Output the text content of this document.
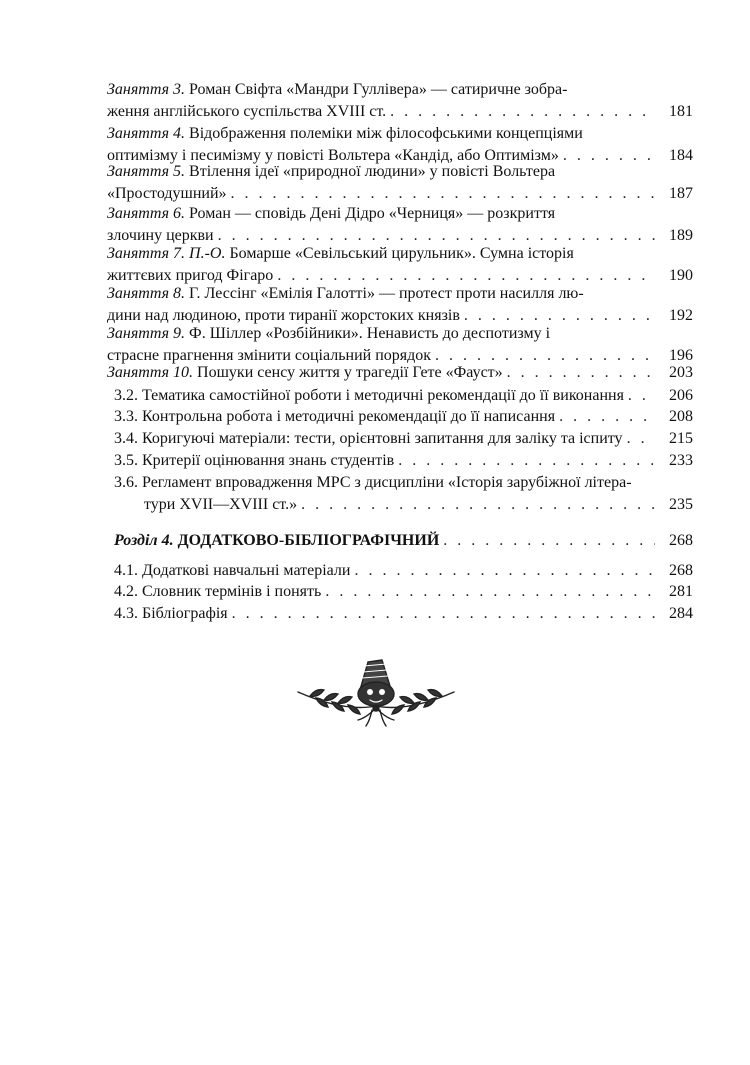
Заняття 3. Роман Свіфта «Мандри Гуллівера» — сатиричне зобра-
ження англійського суспільства XVIII ст. . . .	181
Заняття 4. Відображення полеміки між філософськими концепціями
оптимізму і песимізму у повісті Вольтера «Кандід, або Оптимізм» . . .	184
Заняття 5. Втілення ідеї «природної людини» у повісті Вольтера
«Простодушний» . . .	187
Заняття 6. Роман — сповідь Дені Дідро «Черниця» — розкриття
злочину церкви . . .	189
Заняття 7. П.-О. Бомарше «Севільський цирульник». Сумна історія
життєвих пригод Фігаро . . .	190
Заняття 8. Г. Лессінг «Емілія Галотті» — протест проти насилля лю-
дини над людиною, проти тиранії жорстоких князів . . .	192
Заняття 9. Ф. Шіллер «Розбійники». Ненависть до деспотизму і
страсне прагнення змінити соціальний порядок . . .	196
Заняття 10. Пошуки сенсу життя у трагедії Гете «Фауст» . . .	203
3.2. Тематика самостійної роботи і методичні рекомендації до її виконання . . .	206
3.3. Контрольна робота і методичні рекомендації до її написання . . .	208
3.4. Коригуючі матеріали: тести, орієнтовні запитання для заліку та іспиту . . .	215
3.5. Критерії оцінювання знань студентів . . .	233
3.6. Регламент впровадження МРС з дисципліни «Історія зарубіжної літера-
тури XVII—XVIII ст.» . . .	235
Розділ 4. ДОДАТКОВО-БІБЛІОГРАФІЧНИЙ . . .	268
4.1. Додаткові навчальні матеріали . . .	268
4.2. Словник термінів і понять . . .	281
4.3. Бібліографія . . .	284
